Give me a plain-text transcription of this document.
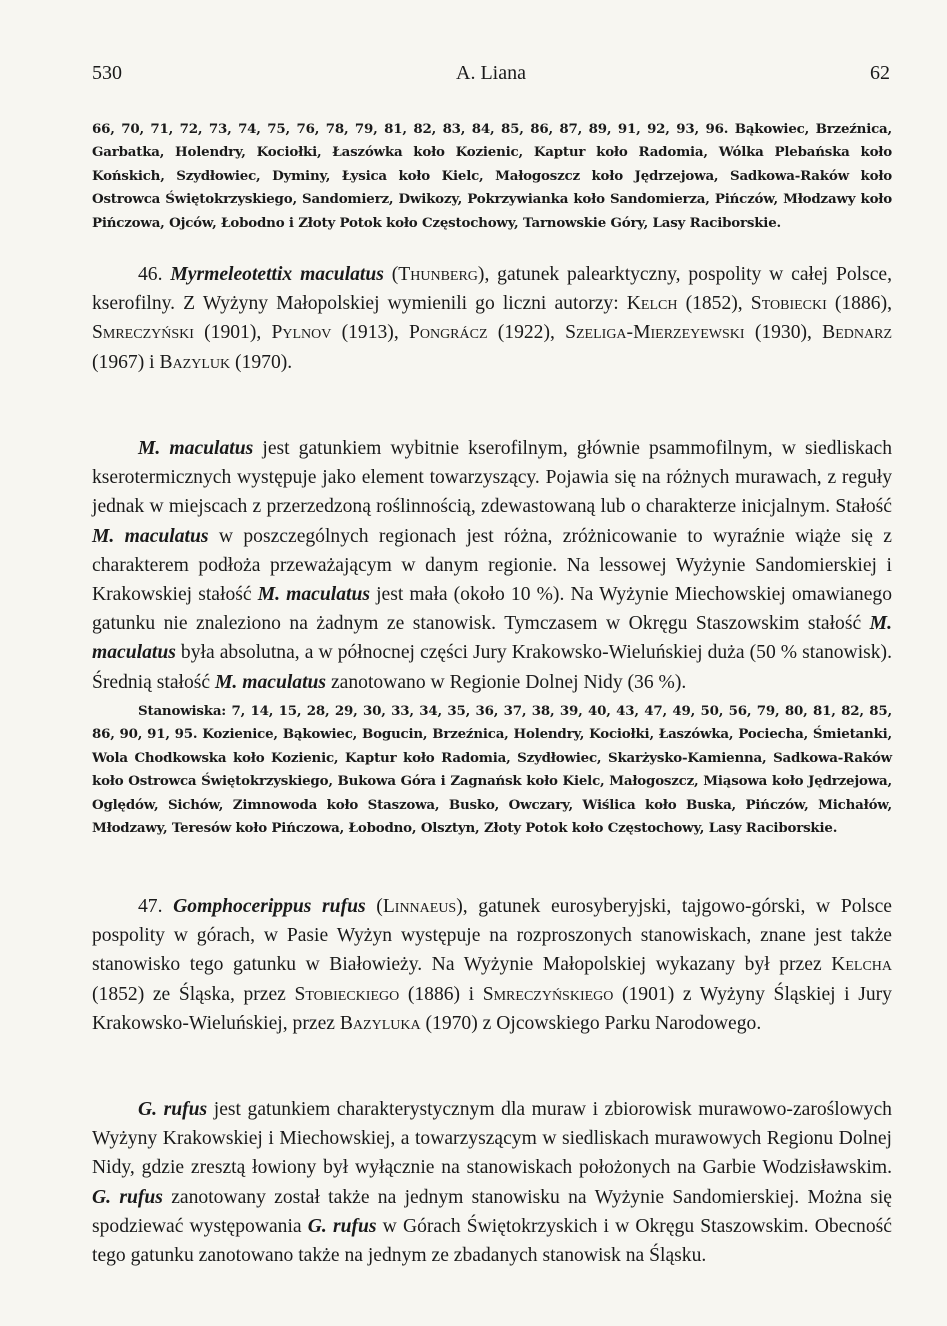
530	A. Liana	62
66, 70, 71, 72, 73, 74, 75, 76, 78, 79, 81, 82, 83, 84, 85, 86, 87, 89, 91, 92, 93, 96. Bąkowiec, Brzeźnica, Garbatka, Holendry, Kociołki, Łaszówka koło Kozienic, Kaptur koło Radomia, Wólka Plebańska koło Końskich, Szydłowiec, Dyminy, Łysica koło Kielc, Małogoszcz koło Jędrzejowa, Sadkowa-Raków koło Ostrowca Świętokrzyskiego, Sandomierz, Dwikozy, Pokrzywianka koło Sandomierza, Pińczów, Młodzawy koło Pińczowa, Ojców, Łobodno i Złoty Potok koło Częstochowy, Tarnowskie Góry, Lasy Raciborskie.
46. Myrmeleotettix maculatus (Thunberg), gatunek palearktyczny, pospolity w całej Polsce, kserofilny. Z Wyżyny Małopolskiej wymienili go liczni autorzy: Kelch (1852), Stobiecki (1886), Smreczyński (1901), Pylnov (1913), Pongrácz (1922), Szeliga-Mierzeyewski (1930), Bednarz (1967) i Bazyluk (1970).
M. maculatus jest gatunkiem wybitnie kserofilnym, głównie psammofilnym, w siedliskach kserotermicznych występuje jako element towarzyszący. Pojawia się na różnych murawach, z reguły jednak w miejscach z przerzedzoną roślinnością, zdewastowaną lub o charakterze inicjalnym. Stałość M. maculatus w poszczególnych regionach jest różna, zróżnicowanie to wyraźnie wiąże się z charakterem podłoża przeważającym w danym regionie. Na lessowej Wyżynie Sandomierskiej i Krakowskiej stałość M. maculatus jest mała (około 10 %). Na Wyżynie Miechowskiej omawianego gatunku nie znaleziono na żadnym ze stanowisk. Tymczasem w Okręgu Staszowskim stałość M. maculatus była absolutna, a w północnej części Jury Krakowsko-Wieluńskiej duża (50 % stanowisk). Średnią stałość M. maculatus zanotowano w Regionie Dolnej Nidy (36 %).
Stanowiska: 7, 14, 15, 28, 29, 30, 33, 34, 35, 36, 37, 38, 39, 40, 43, 47, 49, 50, 56, 79, 80, 81, 82, 85, 86, 90, 91, 95. Kozienice, Bąkowiec, Bogucin, Brzeźnica, Holendry, Kociołki, Łaszówka, Pociecha, Śmietanki, Wola Chodkowska koło Kozienic, Kaptur koło Radomia, Szydłowiec, Skarżysko-Kamienna, Sadkowa-Raków koło Ostrowca Świętokrzyskiego, Bukowa Góra i Zagnańsk koło Kielc, Małogoszcz, Miąsowa koło Jędrzejowa, Oględów, Sichów, Zimnowoda koło Staszowa, Busko, Owczary, Wiślica koło Buska, Pińczów, Michałów, Młodzawy, Teresów koło Pińczowa, Łobodno, Olsztyn, Złoty Potok koło Częstochowy, Lasy Raciborskie.
47. Gomphocerippus rufus (Linnaeus), gatunek eurosyberyjski, tajgowo-górski, w Polsce pospolity w górach, w Pasie Wyżyn występuje na rozproszonych stanowiskach, znane jest także stanowisko tego gatunku w Białowieży. Na Wyżynie Małopolskiej wykazany był przez Kelcha (1852) ze Śląska, przez Stobieckiego (1886) i Smreczyńskiego (1901) z Wyżyny Śląskiej i Jury Krakowsko-Wieluńskiej, przez Bazyluka (1970) z Ojcowskiego Parku Narodowego.
G. rufus jest gatunkiem charakterystycznym dla muraw i zbiorowisk murawowo-zaroślowych Wyżyny Krakowskiej i Miechowskiej, a towarzyszącym w siedliskach murawowych Regionu Dolnej Nidy, gdzie zresztą łowiony był wyłącznie na stanowiskach położonych na Garbie Wodzisławskim. G. rufus zanotowany został także na jednym stanowisku na Wyżynie Sandomierskiej. Można się spodziewać występowania G. rufus w Górach Świętokrzyskich i w Okręgu Staszowskim. Obecność tego gatunku zanotowano także na jednym ze zbadanych stanowisk na Śląsku.
